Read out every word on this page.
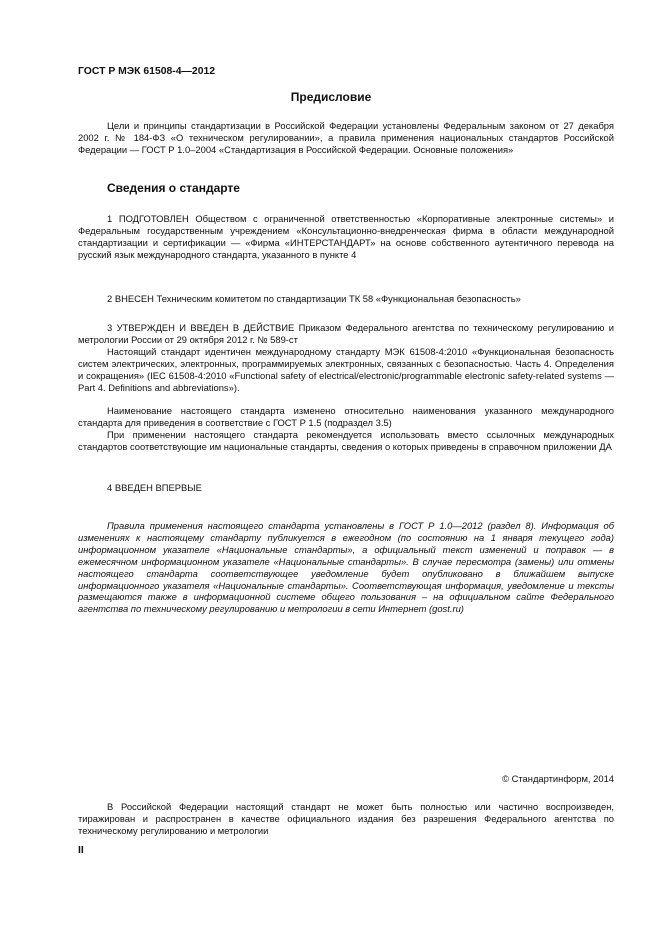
ГОСТ Р МЭК 61508-4—2012
Предисловие

Цели и принципы стандартизации в Российской Федерации установлены Федеральным законом от 27 декабря 2002 г. № 184-ФЗ «О техническом регулировании», а правила применения национальных стандартов Российской Федерации — ГОСТ Р 1.0–2004 «Стандартизация в Российской Федерации. Основные положения»

Сведения о стандарте

1 ПОДГОТОВЛЕН Обществом с ограниченной ответственностью «Корпоративные электронные системы» и Федеральным государственным учреждением «Консультационно-внедренческая фирма в области международной стандартизации и сертификации — «Фирма «ИНТЕРСТАНДАРТ» на основе собственного аутентичного перевода на русский язык международного стандарта, указанного в пункте 4

2 ВНЕСЕН Техническим комитетом по стандартизации ТК 58 «Функциональная безопасность»

3 УТВЕРЖДЕН И ВВЕДЕН В ДЕЙСТВИЕ Приказом Федерального агентства по техническому регулированию и метрологии России от 29 октября 2012 г. № 589-ст

Настоящий стандарт идентичен международному стандарту МЭК 61508-4:2010 «Функциональная безопасность систем электрических, электронных, программируемых электронных, связанных с безопасностью. Часть 4. Определения и сокращения» (IEC 61508-4:2010 «Functional safety of electrical/electronic/programmable electronic safety-related systems — Part 4. Definitions and abbreviations»).

Наименование настоящего стандарта изменено относительно наименования указанного международного стандарта для приведения в соответствие с ГОСТ Р 1.5 (подраздел 3.5)

При применении настоящего стандарта рекомендуется использовать вместо ссылочных международных стандартов соответствующие им национальные стандарты, сведения о которых приведены в справочном приложении ДА

4 ВВЕДЕН ВПЕРВЫЕ

Правила применения настоящего стандарта установлены в ГОСТ Р 1.0—2012 (раздел 8). Информация об изменениях к настоящему стандарту публикуется в ежегодном (по состоянию на 1 января текущего года) информационном указателе «Национальные стандарты», а официальный текст изменений и поправок — в ежемесячном информационном указателе «Национальные стандарты». В случае пересмотра (замены) или отмены настоящего стандарта соответствующее уведомление будет опубликовано в ближайшем выпуске информационного указателя «Национальные стандарты». Соответствующая информация, уведомление и тексты размещаются также в информационной системе общего пользования – на официальном сайте Федерального агентства по техническому регулированию и метрологии в сети Интернет (gost.ru)

© Стандартинформ, 2014

В Российской Федерации настоящий стандарт не может быть полностью или частично воспроизведен, тиражирован и распространен в качестве официального издания без разрешения Федерального агентства по техническому регулированию и метрологии

II
